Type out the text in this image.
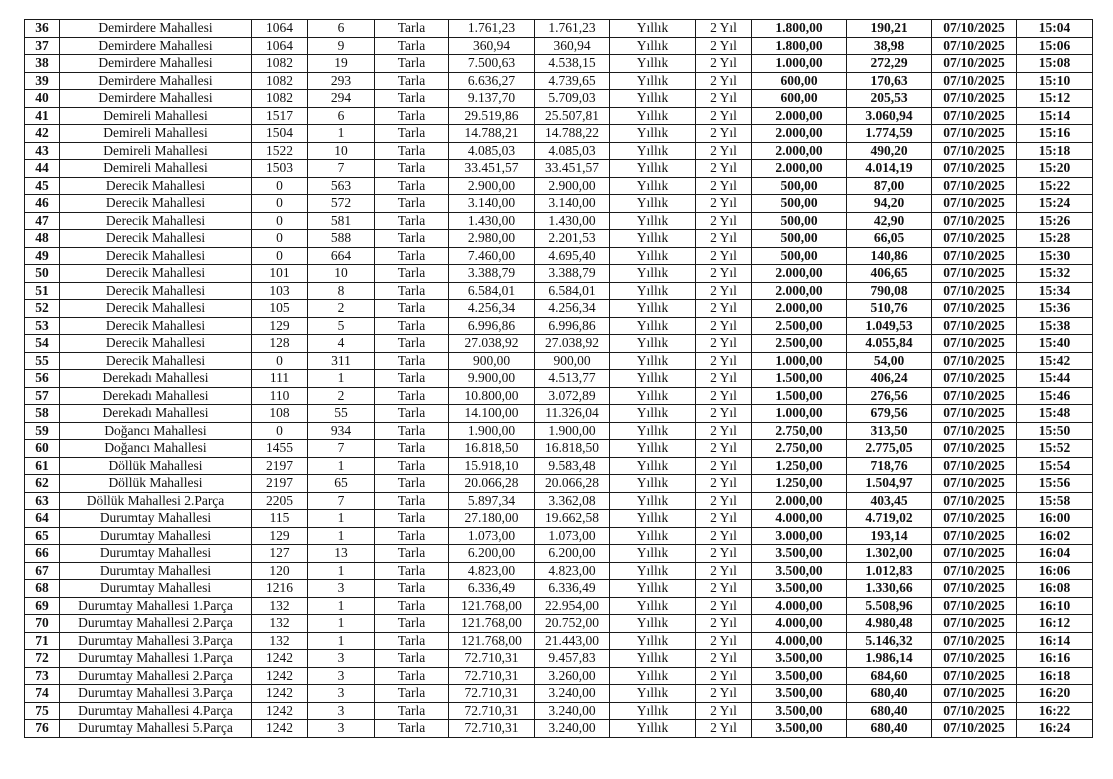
36	Demirdere Mahallesi	1064	6	Tarla	1.761,23	1.761,23	Yıllık	2 Yıl	1.800,00	190,21	07/10/2025	15:04
37	Demirdere Mahallesi	1064	9	Tarla	360,94	360,94	Yıllık	2 Yıl	1.800,00	38,98	07/10/2025	15:06
38	Demirdere Mahallesi	1082	19	Tarla	7.500,63	4.538,15	Yıllık	2 Yıl	1.000,00	272,29	07/10/2025	15:08
39	Demirdere Mahallesi	1082	293	Tarla	6.636,27	4.739,65	Yıllık	2 Yıl	600,00	170,63	07/10/2025	15:10
40	Demirdere Mahallesi	1082	294	Tarla	9.137,70	5.709,03	Yıllık	2 Yıl	600,00	205,53	07/10/2025	15:12
41	Demireli Mahallesi	1517	6	Tarla	29.519,86	25.507,81	Yıllık	2 Yıl	2.000,00	3.060,94	07/10/2025	15:14
42	Demireli Mahallesi	1504	1	Tarla	14.788,21	14.788,22	Yıllık	2 Yıl	2.000,00	1.774,59	07/10/2025	15:16
43	Demireli Mahallesi	1522	10	Tarla	4.085,03	4.085,03	Yıllık	2 Yıl	2.000,00	490,20	07/10/2025	15:18
44	Demireli Mahallesi	1503	7	Tarla	33.451,57	33.451,57	Yıllık	2 Yıl	2.000,00	4.014,19	07/10/2025	15:20
45	Derecik Mahallesi	0	563	Tarla	2.900,00	2.900,00	Yıllık	2 Yıl	500,00	87,00	07/10/2025	15:22
46	Derecik Mahallesi	0	572	Tarla	3.140,00	3.140,00	Yıllık	2 Yıl	500,00	94,20	07/10/2025	15:24
47	Derecik Mahallesi	0	581	Tarla	1.430,00	1.430,00	Yıllık	2 Yıl	500,00	42,90	07/10/2025	15:26
48	Derecik Mahallesi	0	588	Tarla	2.980,00	2.201,53	Yıllık	2 Yıl	500,00	66,05	07/10/2025	15:28
49	Derecik Mahallesi	0	664	Tarla	7.460,00	4.695,40	Yıllık	2 Yıl	500,00	140,86	07/10/2025	15:30
50	Derecik Mahallesi	101	10	Tarla	3.388,79	3.388,79	Yıllık	2 Yıl	2.000,00	406,65	07/10/2025	15:32
51	Derecik Mahallesi	103	8	Tarla	6.584,01	6.584,01	Yıllık	2 Yıl	2.000,00	790,08	07/10/2025	15:34
52	Derecik Mahallesi	105	2	Tarla	4.256,34	4.256,34	Yıllık	2 Yıl	2.000,00	510,76	07/10/2025	15:36
53	Derecik Mahallesi	129	5	Tarla	6.996,86	6.996,86	Yıllık	2 Yıl	2.500,00	1.049,53	07/10/2025	15:38
54	Derecik Mahallesi	128	4	Tarla	27.038,92	27.038,92	Yıllık	2 Yıl	2.500,00	4.055,84	07/10/2025	15:40
55	Derecik Mahallesi	0	311	Tarla	900,00	900,00	Yıllık	2 Yıl	1.000,00	54,00	07/10/2025	15:42
56	Derekadı Mahallesi	111	1	Tarla	9.900,00	4.513,77	Yıllık	2 Yıl	1.500,00	406,24	07/10/2025	15:44
57	Derekadı Mahallesi	110	2	Tarla	10.800,00	3.072,89	Yıllık	2 Yıl	1.500,00	276,56	07/10/2025	15:46
58	Derekadı Mahallesi	108	55	Tarla	14.100,00	11.326,04	Yıllık	2 Yıl	1.000,00	679,56	07/10/2025	15:48
59	Doğancı Mahallesi	0	934	Tarla	1.900,00	1.900,00	Yıllık	2 Yıl	2.750,00	313,50	07/10/2025	15:50
60	Doğancı Mahallesi	1455	7	Tarla	16.818,50	16.818,50	Yıllık	2 Yıl	2.750,00	2.775,05	07/10/2025	15:52
61	Döllük Mahallesi	2197	1	Tarla	15.918,10	9.583,48	Yıllık	2 Yıl	1.250,00	718,76	07/10/2025	15:54
62	Döllük Mahallesi	2197	65	Tarla	20.066,28	20.066,28	Yıllık	2 Yıl	1.250,00	1.504,97	07/10/2025	15:56
63	Döllük Mahallesi 2.Parça	2205	7	Tarla	5.897,34	3.362,08	Yıllık	2 Yıl	2.000,00	403,45	07/10/2025	15:58
64	Durumtay Mahallesi	115	1	Tarla	27.180,00	19.662,58	Yıllık	2 Yıl	4.000,00	4.719,02	07/10/2025	16:00
65	Durumtay Mahallesi	129	1	Tarla	1.073,00	1.073,00	Yıllık	2 Yıl	3.000,00	193,14	07/10/2025	16:02
66	Durumtay Mahallesi	127	13	Tarla	6.200,00	6.200,00	Yıllık	2 Yıl	3.500,00	1.302,00	07/10/2025	16:04
67	Durumtay Mahallesi	120	1	Tarla	4.823,00	4.823,00	Yıllık	2 Yıl	3.500,00	1.012,83	07/10/2025	16:06
68	Durumtay Mahallesi	1216	3	Tarla	6.336,49	6.336,49	Yıllık	2 Yıl	3.500,00	1.330,66	07/10/2025	16:08
69	Durumtay Mahallesi 1.Parça	132	1	Tarla	121.768,00	22.954,00	Yıllık	2 Yıl	4.000,00	5.508,96	07/10/2025	16:10
70	Durumtay Mahallesi 2.Parça	132	1	Tarla	121.768,00	20.752,00	Yıllık	2 Yıl	4.000,00	4.980,48	07/10/2025	16:12
71	Durumtay Mahallesi 3.Parça	132	1	Tarla	121.768,00	21.443,00	Yıllık	2 Yıl	4.000,00	5.146,32	07/10/2025	16:14
72	Durumtay Mahallesi 1.Parça	1242	3	Tarla	72.710,31	9.457,83	Yıllık	2 Yıl	3.500,00	1.986,14	07/10/2025	16:16
73	Durumtay Mahallesi 2.Parça	1242	3	Tarla	72.710,31	3.260,00	Yıllık	2 Yıl	3.500,00	684,60	07/10/2025	16:18
74	Durumtay Mahallesi 3.Parça	1242	3	Tarla	72.710,31	3.240,00	Yıllık	2 Yıl	3.500,00	680,40	07/10/2025	16:20
75	Durumtay Mahallesi 4.Parça	1242	3	Tarla	72.710,31	3.240,00	Yıllık	2 Yıl	3.500,00	680,40	07/10/2025	16:22
76	Durumtay Mahallesi 5.Parça	1242	3	Tarla	72.710,31	3.240,00	Yıllık	2 Yıl	3.500,00	680,40	07/10/2025	16:24
